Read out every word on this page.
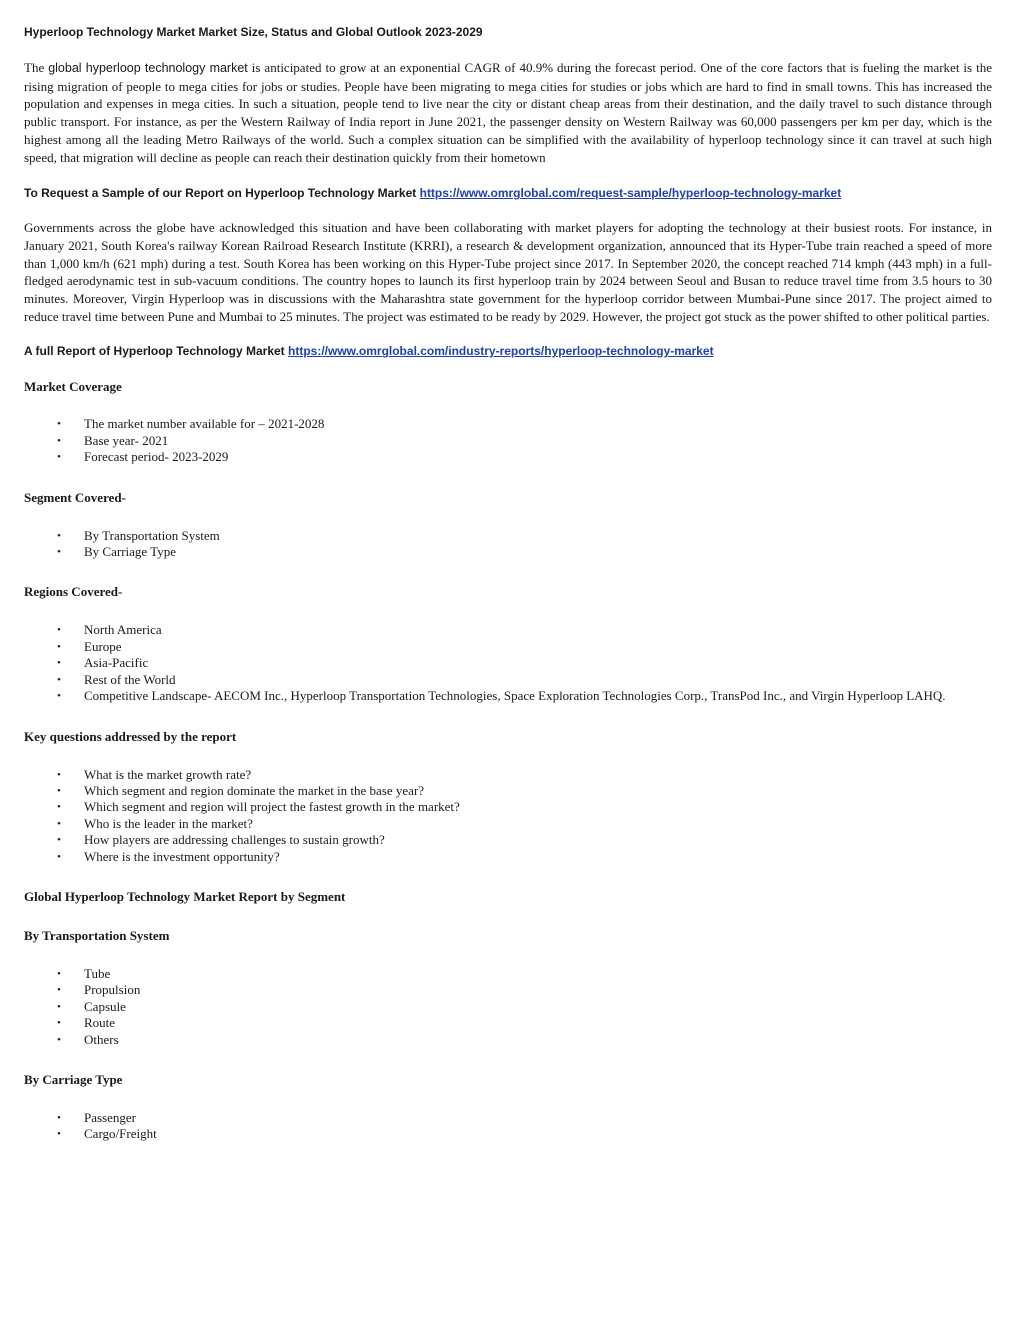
Hyperloop Technology Market Market Size, Status and Global Outlook 2023-2029

The global hyperloop technology market is anticipated to grow at an exponential CAGR of 40.9% during the forecast period. One of the core factors that is fueling the market is the rising migration of people to mega cities for jobs or studies. People have been migrating to mega cities for studies or jobs which are hard to find in small towns. This has increased the population and expenses in mega cities. In such a situation, people tend to live near the city or distant cheap areas from their destination, and the daily travel to such distance through public transport. For instance, as per the Western Railway of India report in June 2021, the passenger density on Western Railway was 60,000 passengers per km per day, which is the highest among all the leading Metro Railways of the world. Such a complex situation can be simplified with the availability of hyperloop technology since it can travel at such high speed, that migration will decline as people can reach their destination quickly from their hometown

To Request a Sample of our Report on Hyperloop Technology Market https://www.omrglobal.com/request-sample/hyperloop-technology-market

Governments across the globe have acknowledged this situation and have been collaborating with market players for adopting the technology at their busiest roots. For instance, in January 2021, South Korea's railway Korean Railroad Research Institute (KRRI), a research & development organization, announced that its Hyper-Tube train reached a speed of more than 1,000 km/h (621 mph) during a test. South Korea has been working on this Hyper-Tube project since 2017. In September 2020, the concept reached 714 kmph (443 mph) in a full-fledged aerodynamic test in sub-vacuum conditions. The country hopes to launch its first hyperloop train by 2024 between Seoul and Busan to reduce travel time from 3.5 hours to 30 minutes. Moreover, Virgin Hyperloop was in discussions with the Maharashtra state government for the hyperloop corridor between Mumbai-Pune since 2017. The project aimed to reduce travel time between Pune and Mumbai to 25 minutes. The project was estimated to be ready by 2029. However, the project got stuck as the power shifted to other political parties.

A full Report of Hyperloop Technology Market https://www.omrglobal.com/industry-reports/hyperloop-technology-market
Market Coverage
• The market number available for – 2021-2028
• Base year- 2021
• Forecast period- 2023-2029
Segment Covered-
• By Transportation System
• By Carriage Type
Regions Covered-
• North America
• Europe
• Asia-Pacific
• Rest of the World
• Competitive Landscape- AECOM Inc., Hyperloop Transportation Technologies, Space Exploration Technologies Corp., TransPod Inc., and Virgin Hyperloop LAHQ.
Key questions addressed by the report
• What is the market growth rate?
• Which segment and region dominate the market in the base year?
• Which segment and region will project the fastest growth in the market?
• Who is the leader in the market?
• How players are addressing challenges to sustain growth?
• Where is the investment opportunity?
Global Hyperloop Technology Market Report by Segment
By Transportation System
• Tube
• Propulsion
• Capsule
• Route
• Others
By Carriage Type
• Passenger
• Cargo/Freight
